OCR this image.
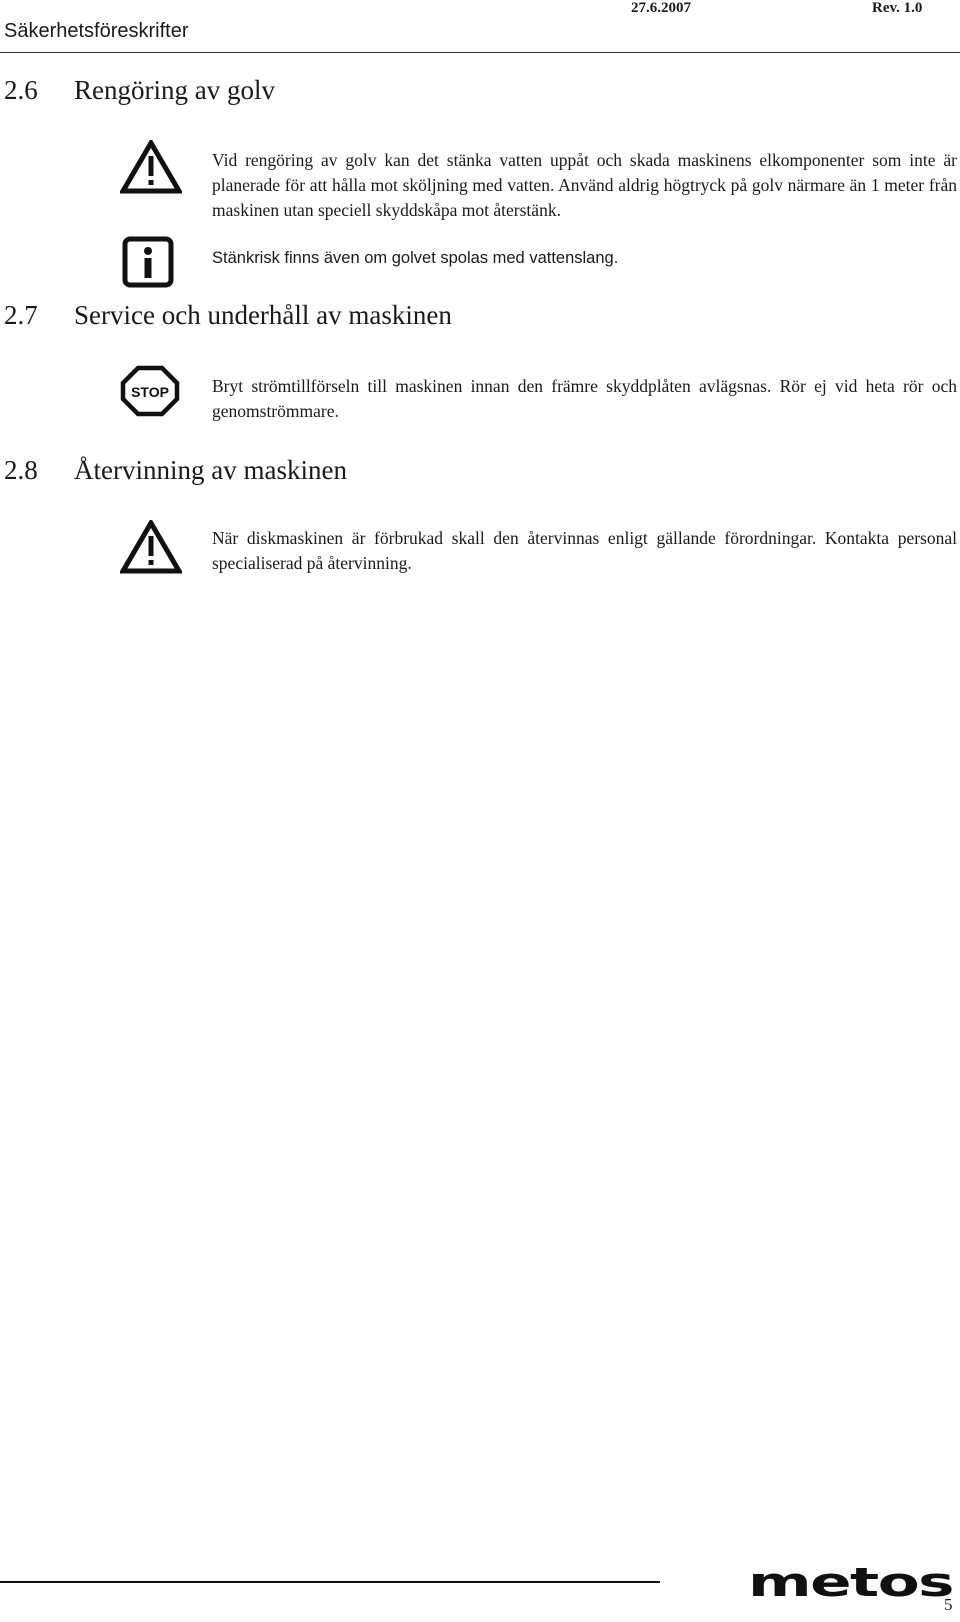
Säkerhetsföreskrifter
27.6.2007	Rev. 1.0
2.6 Rengöring av golv
Vid rengöring av golv kan det stänka vatten uppåt och skada maskinens elkomponenter som inte är planerade för att hålla mot sköljning med vatten. Använd aldrig högtryck på golv närmare än 1 meter från maskinen utan speciell skyddskåpa mot återstänk.
Stänkrisk finns även om golvet spolas med vattenslang.
2.7 Service och underhåll av maskinen
STOP Bryt strömtillförseln till maskinen innan den främre skyddplåten avlägsnas. Rör ej vid heta rör och genomströmmare.
2.8 Återvinning av maskinen
När diskmaskinen är förbrukad skall den återvinnas enligt gällande förordningar. Kontakta personal specialiserad på återvinning.
metos
5
